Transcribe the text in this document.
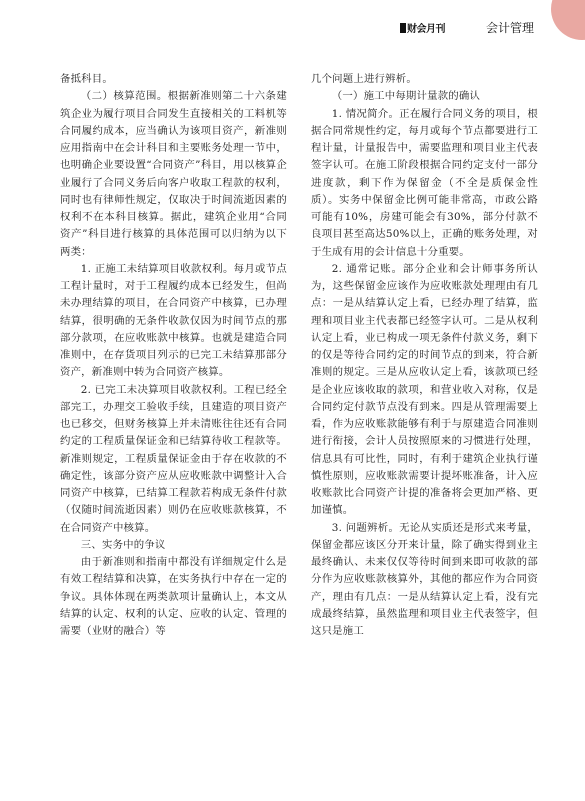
财会月刊	会计管理

备抵科目。

（二）核算范围。根据新准则第二十六条建筑企业为履行项目合同发生直接相关的工料机等合同履约成本，应当确认为该项目资产，新准则应用指南中在会计科目和主要账务处理一节中，也明确企业要设置“合同资产”科目，用以核算企业履行了合同义务后向客户收取工程款的权利，同时也有律师性规定，仅取决于时间流逝因素的权利不在本科目核算。据此，建筑企业用“合同资产”科目进行核算的具体范围可以归纳为以下两类：

1. 正施工未结算项目收款权利。每月或节点工程计量时，对于工程履约成本已经发生，但尚未办理结算的项目，在合同资产中核算，已办理结算，很明确的无条件收款仅因为时间节点的那部分款项，在应收账款中核算。也就是建造合同准则中，在存货项目列示的已完工未结算那部分资产，新准则中转为合同资产核算。

2. 已完工未决算项目收款权利。工程已经全部完工，办理交工验收手续，且建造的项目资产也已移交，但财务核算上并未清账往往还有合同约定的工程质量保证金和已结算待收工程款等。新准则规定，工程质量保证金由于存在收款的不确定性，该部分资产应从应收账款中调整计入合同资产中核算，已结算工程款若构成无条件付款（仅随时间流逝因素）则仍在应收账款核算，不在合同资产中核算。

三、实务中的争议

由于新准则和指南中都没有详细规定什么是有效工程结算和决算，在实务执行中存在一定的争议。具体体现在两类款项计量确认上，本文从结算的认定、权利的认定、应收的认定、管理的需要（业财的融合）等

几个问题上进行辨析。

（一）施工中每期计量款的确认

1. 情况简介。正在履行合同义务的项目，根据合同常规性约定，每月或每个节点都要进行工程计量，计量报告中，需要监理和项目业主代表签字认可。在施工阶段根据合同约定支付一部分进度款，剩下作为保留金（不全是质保金性质）。实务中保留金比例可能非常高，市政公路可能有10%，房建可能会有30%，部分付款不良项目甚至高达50%以上，正确的账务处理，对于生成有用的会计信息十分重要。

2. 通常记账。部分企业和会计师事务所认为，这些保留金应该作为应收账款处理理由有几点：一是从结算认定上看，已经办理了结算，监理和项目业主代表都已经签字认可。二是从权利认定上看，业已构成一项无条件付款义务，剩下的仅是等待合同约定的时间节点的到来，符合新准则的规定。三是从应收认定上看，该款项已经是企业应该收取的款项，和营业收入对称，仅是合同约定付款节点没有到来。四是从管理需要上看，作为应收账款能够有利于与原建造合同准则进行衔接，会计人员按照原来的习惯进行处理，信息具有可比性，同时，有利于建筑企业执行谨慎性原则，应收账款需要计提坏账准备，计入应收账款比合同资产计提的准备将会更加严格、更加谨慎。

3. 问题辨析。无论从实质还是形式来考量，保留金都应该区分开来计量，除了确实得到业主最终确认、未来仅仅等待时间到来即可收款的部分作为应收账款核算外，其他的都应作为合同资产，理由有几点：一是从结算认定上看，没有完成最终结算，虽然监理和项目业主代表签字，但这只是施工
